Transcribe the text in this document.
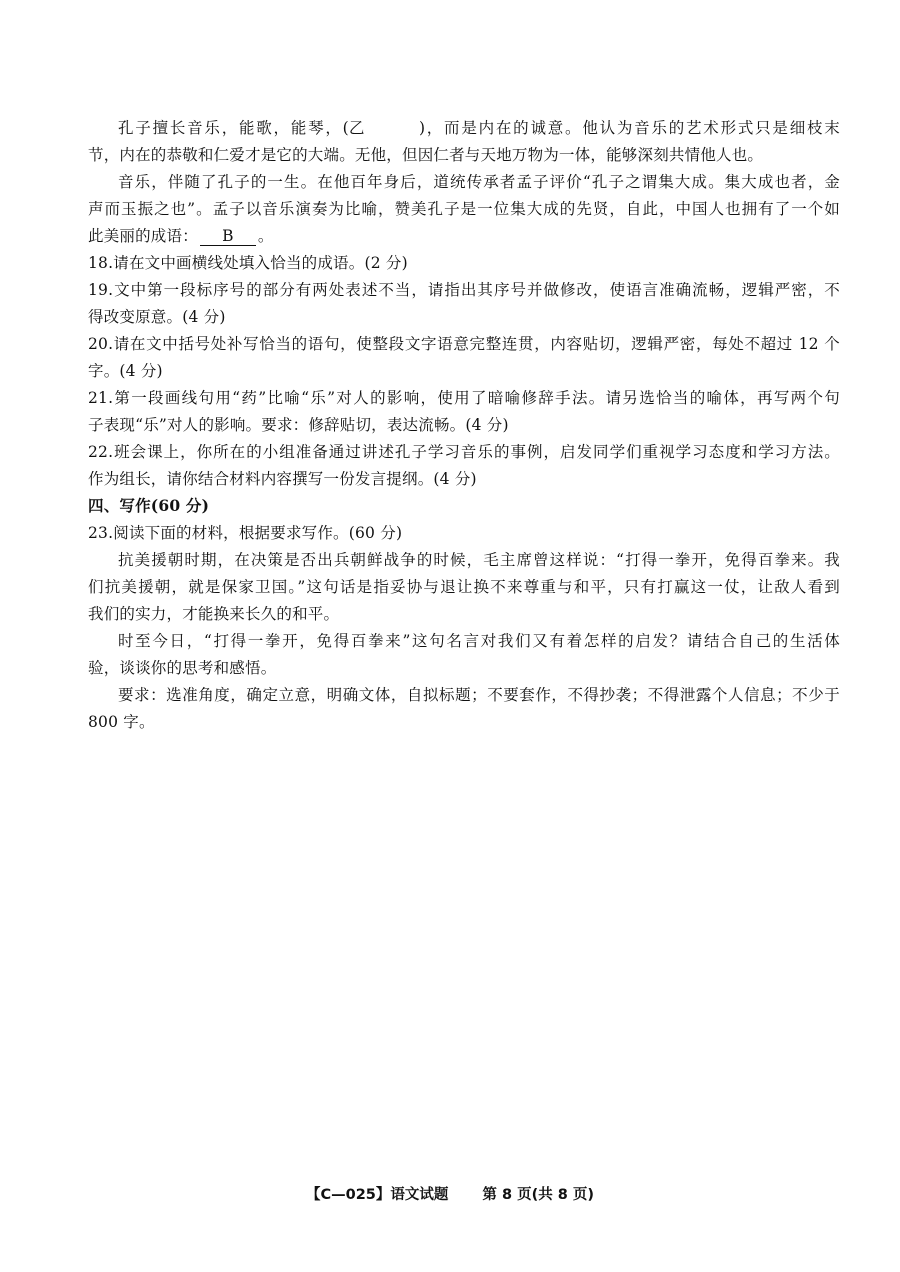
孔子擅长音乐，能歌，能琴，(乙	)，而是内在的诚意。他认为音乐的艺术形式只是细枝末
节，内在的恭敬和仁爱才是它的大端。无他，但因仁者与天地万物为一体，能够深刻共情他人也。
音乐，伴随了孔子的一生。在他百年身后，道统传承者孟子评价“孔子之谓集大成。集大成也者，金
声而玉振之也”。孟子以音乐演奏为比喻，赞美孔子是一位集大成的先贤，自此，中国人也拥有了一个如
此美丽的成语： B 。
18.请在文中画横线处填入恰当的成语。(2 分)
19.文中第一段标序号的部分有两处表述不当，请指出其序号并做修改，使语言准确流畅，逻辑严密，不
得改变原意。(4 分)
20.请在文中括号处补写恰当的语句，使整段文字语意完整连贯，内容贴切，逻辑严密，每处不超过 12 个
字。(4 分)
21.第一段画线句用“药”比喻“乐”对人的影响，使用了暗喻修辞手法。请另选恰当的喻体，再写两个句
子表现“乐”对人的影响。要求：修辞贴切，表达流畅。(4 分)
22.班会课上，你所在的小组准备通过讲述孔子学习音乐的事例，启发同学们重视学习态度和学习方法。
作为组长，请你结合材料内容撰写一份发言提纲。(4 分)
四、写作(60 分)
23.阅读下面的材料，根据要求写作。(60 分)
抗美援朝时期，在决策是否出兵朝鲜战争的时候，毛主席曾这样说：“打得一拳开，免得百拳来。我
们抗美援朝，就是保家卫国。”这句话是指妥协与退让换不来尊重与和平，只有打赢这一仗，让敌人看到
我们的实力，才能换来长久的和平。
时至今日，“打得一拳开，免得百拳来”这句名言对我们又有着怎样的启发？请结合自己的生活体
验，谈谈你的思考和感悟。
要求：选准角度，确定立意，明确文体，自拟标题；不要套作，不得抄袭；不得泄露个人信息；不少于
800 字。
【C—025】语文试题 第 8 页(共 8 页)
